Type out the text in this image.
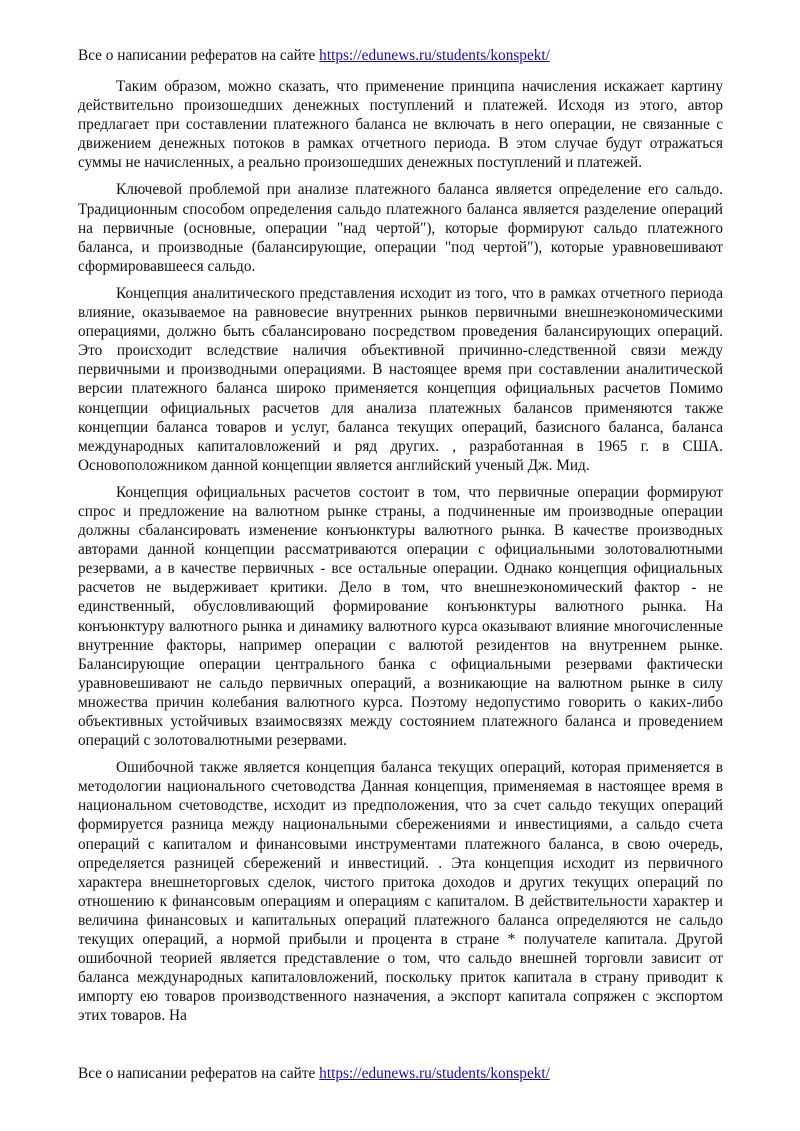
Все о написании рефератов на сайте https://edunews.ru/students/konspekt/

Таким образом, можно сказать, что применение принципа начисления искажает картину действительно произошедших денежных поступлений и платежей. Исходя из этого, автор предлагает при составлении платежного баланса не включать в него операции, не связанные с движением денежных потоков в рамках отчетного периода. В этом случае будут отражаться суммы не начисленных, а реально произошедших денежных поступлений и платежей.

Ключевой проблемой при анализе платежного баланса является определение его сальдо. Традиционным способом определения сальдо платежного баланса является разделение операций на первичные (основные, операции "над чертой"), которые формируют сальдо платежного баланса, и производные (балансирующие, операции "под чертой"), которые уравновешивают сформировавшееся сальдо.

Концепция аналитического представления исходит из того, что в рамках отчетного периода влияние, оказываемое на равновесие внутренних рынков первичными внешнеэкономическими операциями, должно быть сбалансировано посредством проведения балансирующих операций. Это происходит вследствие наличия объективной причинно-следственной связи между первичными и производными операциями. В настоящее время при составлении аналитической версии платежного баланса широко применяется концепция официальных расчетов Помимо концепции официальных расчетов для анализа платежных балансов применяются также концепции баланса товаров и услуг, баланса текущих операций, базисного баланса, баланса международных капиталовложений и ряд других. , разработанная в 1965 г. в США. Основоположником данной концепции является английский ученый Дж. Мид.

Концепция официальных расчетов состоит в том, что первичные операции формируют спрос и предложение на валютном рынке страны, а подчиненные им производные операции должны сбалансировать изменение конъюнктуры валютного рынка. В качестве производных авторами данной концепции рассматриваются операции с официальными золотовалютными резервами, а в качестве первичных - все остальные операции. Однако концепция официальных расчетов не выдерживает критики. Дело в том, что внешнеэкономический фактор - не единственный, обусловливающий формирование конъюнктуры валютного рынка. На конъюнктуру валютного рынка и динамику валютного курса оказывают влияние многочисленные внутренние факторы, например операции с валютой резидентов на внутреннем рынке. Балансирующие операции центрального банка с официальными резервами фактически уравновешивают не сальдо первичных операций, а возникающие на валютном рынке в силу множества причин колебания валютного курса. Поэтому недопустимо говорить о каких-либо объективных устойчивых взаимосвязях между состоянием платежного баланса и проведением операций с золотовалютными резервами.

Ошибочной также является концепция баланса текущих операций, которая применяется в методологии национального счетоводства Данная концепция, применяемая в настоящее время в национальном счетоводстве, исходит из предположения, что за счет сальдо текущих операций формируется разница между национальными сбережениями и инвестициями, а сальдо счета операций с капиталом и финансовыми инструментами платежного баланса, в свою очередь, определяется разницей сбережений и инвестиций. . Эта концепция исходит из первичного характера внешнеторговых сделок, чистого притока доходов и других текущих операций по отношению к финансовым операциям и операциям с капиталом. В действительности характер и величина финансовых и капитальных операций платежного баланса определяются не сальдо текущих операций, а нормой прибыли и процента в стране * получателе капитала. Другой ошибочной теорией является представление о том, что сальдо внешней торговли зависит от баланса международных капиталовложений, поскольку приток капитала в страну приводит к импорту ею товаров производственного назначения, а экспорт капитала сопряжен с экспортом этих товаров. На

Все о написании рефератов на сайте https://edunews.ru/students/konspekt/
